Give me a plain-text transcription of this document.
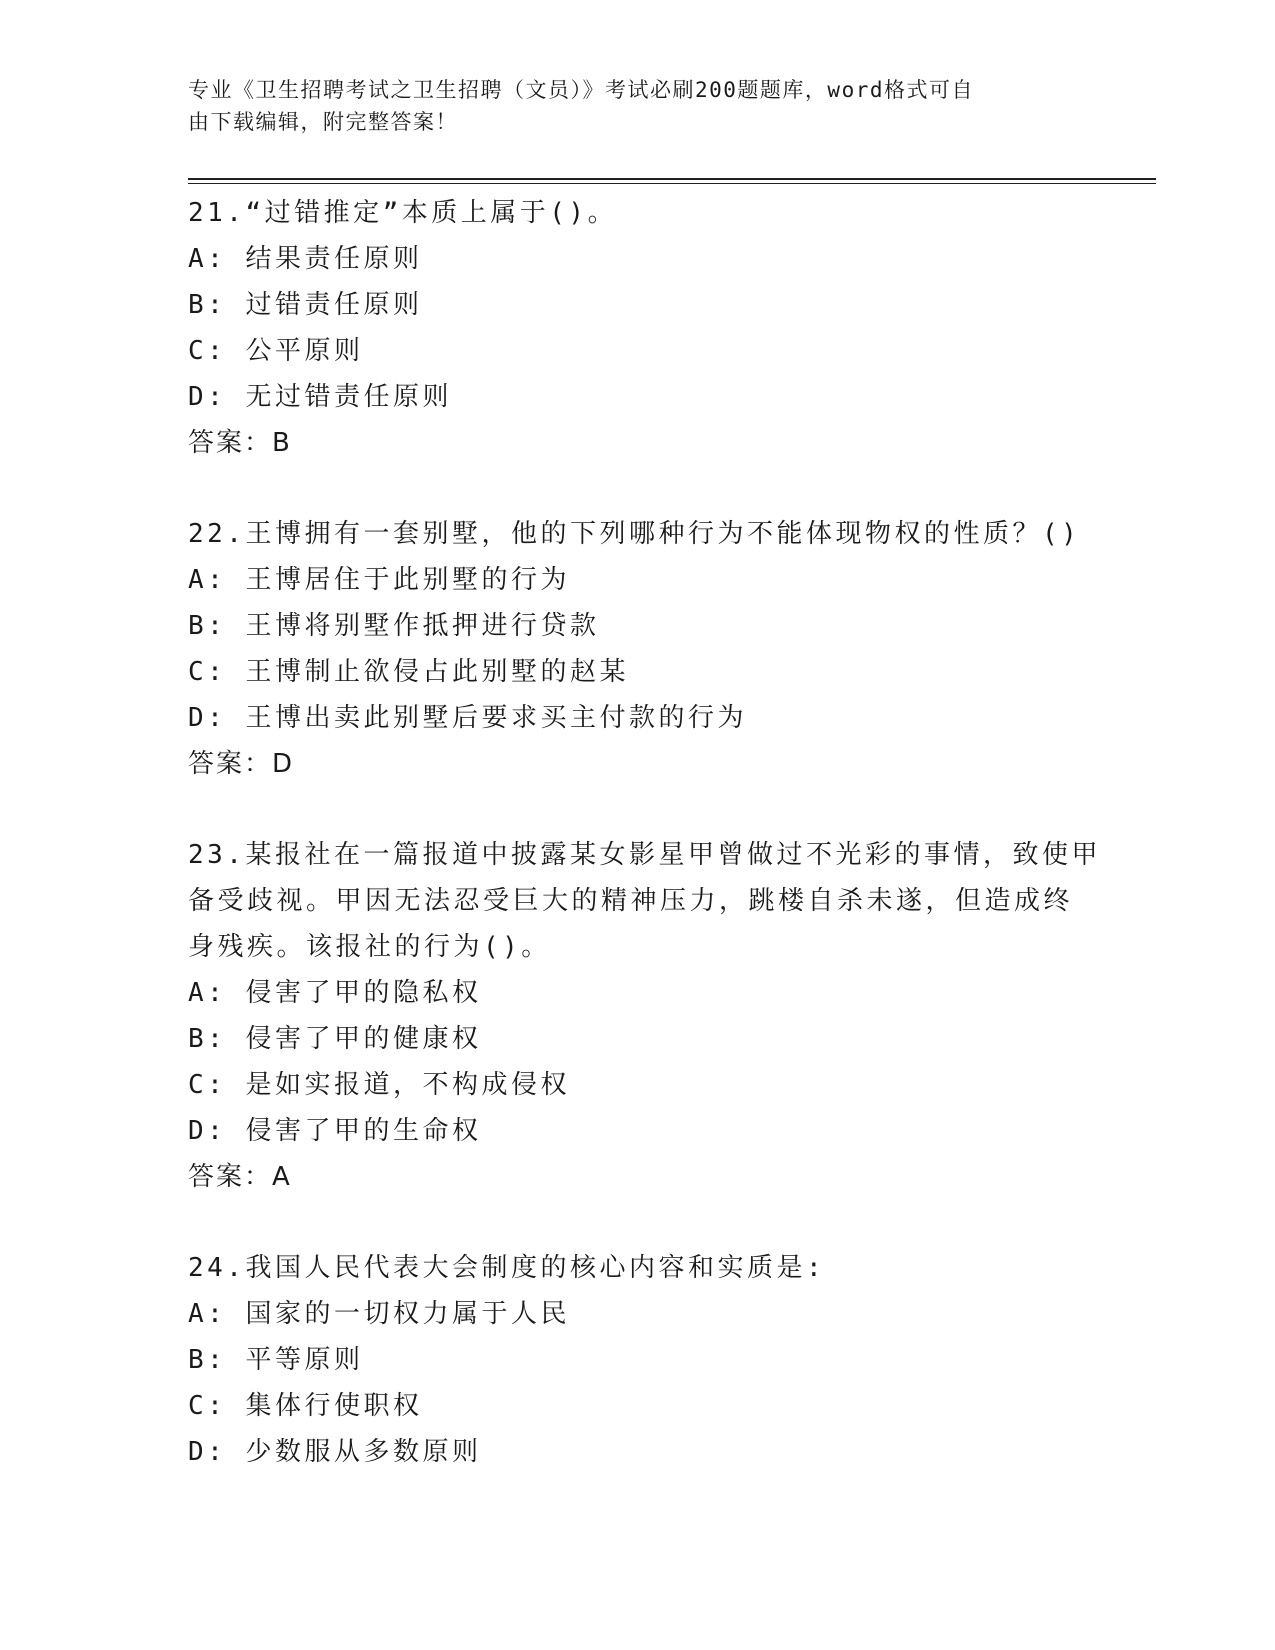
专业《卫生招聘考试之卫生招聘（文员）》考试必刷200题题库，word格式可自
由下载编辑，附完整答案！
21.“过错推定”本质上属于()。
A: 结果责任原则
B: 过错责任原则
C: 公平原则
D: 无过错责任原则
答案：B
22.王博拥有一套别墅，他的下列哪种行为不能体现物权的性质？()
A: 王博居住于此别墅的行为
B: 王博将别墅作抵押进行贷款
C: 王博制止欲侵占此别墅的赵某
D: 王博出卖此别墅后要求买主付款的行为
答案：D
23.某报社在一篇报道中披露某女影星甲曾做过不光彩的事情，致使甲
备受歧视。甲因无法忍受巨大的精神压力，跳楼自杀未遂，但造成终
身残疾。该报社的行为()。
A: 侵害了甲的隐私权
B: 侵害了甲的健康权
C: 是如实报道，不构成侵权
D: 侵害了甲的生命权
答案：A
24.我国人民代表大会制度的核心内容和实质是:
A: 国家的一切权力属于人民
B: 平等原则
C: 集体行使职权
D: 少数服从多数原则
